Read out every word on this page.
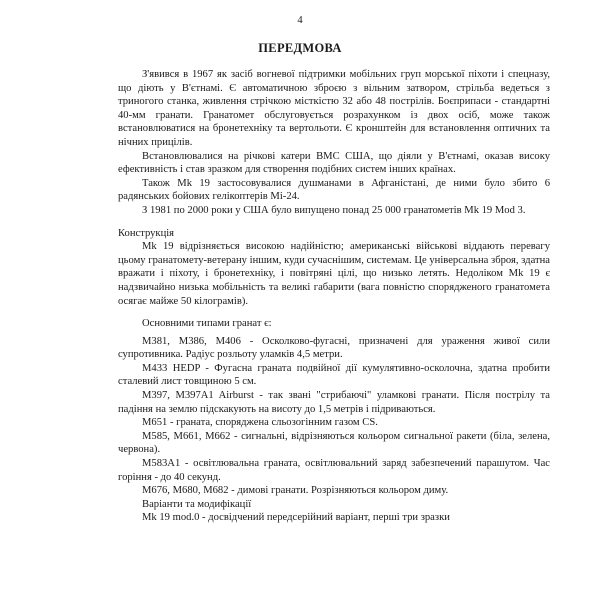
4
ПЕРЕДМОВА

З'явився в 1967 як засіб вогневої підтримки мобільних груп морської піхоти і спецназу, що діють у В'єтнамі. Є автоматичною зброєю з вільним затвором, стрільба ведеться з триногого станка, живлення стрічкою місткістю 32 або 48 пострілів. Боєприпаси - стандартні 40-мм гранати. Гранатомет обслуговується розрахунком із двох осіб, може також встановлюватися на бронетехніку та вертольоти. Є кронштейн для встановлення оптичних та нічних прицілів.

Встановлювалися на річкові катери ВМС США, що діяли у В'єтнамі, оказав високу ефективність і став зразком для створення подібних систем інших країнах.

Також Mk 19 застосовувалися душманами в Афганістані, де ними було збито 6 радянських бойових гелікоптерів Мі-24.

З 1981 по 2000 роки у США було випущено понад 25 000 гранатометів Mk 19 Mod 3.

Конструкція

Mk 19 відрізняється високою надійністю; американські військові віддають перевагу цьому гранатомету-ветерану іншим, куди сучаснішим, системам. Це універсальна зброя, здатна вражати і піхоту, і бронетехніку, і повітряні цілі, що низько летять. Недоліком Mk 19 є надзвичайно низька мобільність та великі габарити (вага повністю спорядженого гранатомета осягає майже 50 кілограмів).

Основними типами гранат є:

M381, M386, M406 - Осколково-фугасні, призначені для ураження живої сили супротивника. Радіус розльоту уламків 4,5 метри.

M433 HEDP - Фугасна граната подвійної дії кумулятивно-осколочна, здатна пробити сталевий лист товщиною 5 см.

M397, M397A1 Airburst - так звані "стрибаючі" уламкові гранати. Після пострілу та падіння на землю підскакують на висоту до 1,5 метрів і підриваються.

M651 - граната, споряджена сльозогінним газом CS.

M585, M661, M662 - сигнальні, відрізняються кольором сигнальної ракети (біла, зелена, червона).

M583A1 - освітлювальна граната, освітлювальний заряд забезпечений парашутом. Час горіння - до 40 секунд.

M676, M680, M682 - димові гранати. Розрізняються кольором диму.

Варіанти та модифікації

Mk 19 mod.0 - досвідчений передсерійний варіант, перші три зразки
